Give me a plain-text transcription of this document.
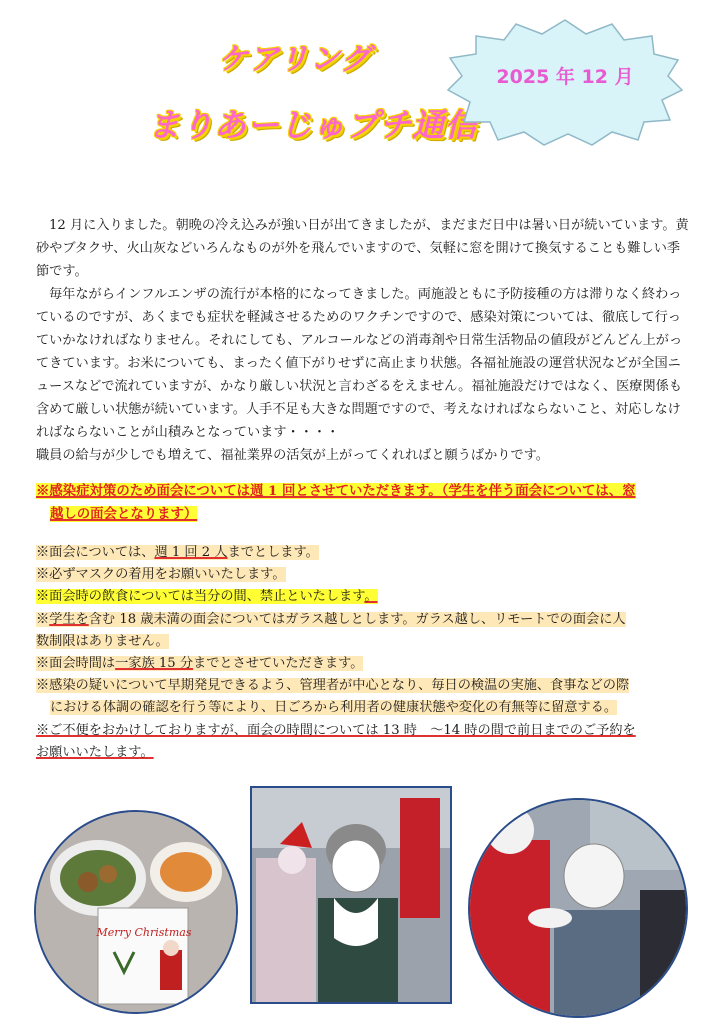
ケアリング
まりあーじゅプチ通信
2025 年 12 月

12 月に入りました。朝晩の冷え込みが強い日が出てきましたが、まだまだ日中は暑い日が続いています。黄砂やブタクサ、火山灰などいろんなものが外を飛んでいますので、気軽に窓を開けて換気することも難しい季節です。

毎年ながらインフルエンザの流行が本格的になってきました。両施設ともに予防接種の方は滞りなく終わっているのですが、あくまでも症状を軽減させるためのワクチンですので、感染対策については、徹底して行っていかなければなりません。それにしても、アルコールなどの消毒剤や日常生活物品の値段がどんどん上がってきています。お米についても、まったく値下がりせずに高止まり状態。各福祉施設の運営状況などが全国ニュースなどで流れていますが、かなり厳しい状況と言わざるをえません。福祉施設だけではなく、医療関係も含めて厳しい状態が続いています。人手不足も大きな問題ですので、考えなければならないこと、対応しなければならないことが山積みとなっています・・・・

職員の給与が少しでも増えて、福祉業界の活気が上がってくれればと願うばかりです。

※感染症対策のため面会については週 1 回とさせていただきます。（学生を伴う面会については、窓
越しの面会となります）
※面会については、週 1 回 2 人までとします。
※必ずマスクの着用をお願いいたします。
※面会時の飲食については当分の間、禁止といたします。
※学生を含む 18 歳未満の面会についてはガラス越しとします。ガラス越し、リモートでの面会に人
数制限はありません。
※面会時間は一家族 15 分までとさせていただきます。
※感染の疑いについて早期発見できるよう、管理者が中心となり、毎日の検温の実施、食事などの際
における体調の確認を行う等により、日ごろから利用者の健康状態や変化の有無等に留意する。
※ご不便をおかけしておりますが、面会の時間については 13 時　～14 時の間で前日までのご予約を
お願いいたします。
Merry Christmas
